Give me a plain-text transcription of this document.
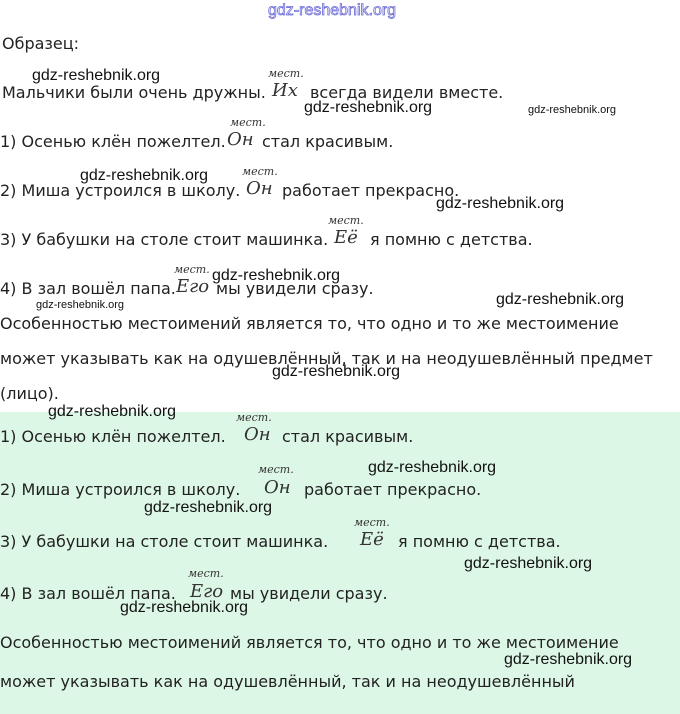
gdz-reshebnik.org
Образец:
gdz-reshebnik.org	мест.
Мальчики были очень дружны. Их всегда видели вместе.
gdz-reshebnik.org	gdz-reshebnik.org
мест.
1) Осенью клён пожелтел. Он стал красивым.
gdz-reshebnik.org	мест.
2) Миша устроился в школу. Он работает прекрасно.
gdz-reshebnik.org
мест.
3) У бабушки на столе стоит машинка. Её я помню с детства.
мест. gdz-reshebnik.org
4) В зал вошёл папа. Его мы увидели сразу.
gdz-reshebnik.org
gdz-reshebnik.org
Особенностью местоимений является то, что одно и то же местоимение
может указывать как на одушевлённый, так и на неодушевлённый предмет
gdz-reshebnik.org
(лицо).
gdz-reshebnik.org	мест.
1) Осенью клён пожелтел. Он стал красивым.
мест.	gdz-reshebnik.org
2) Миша устроился в школу. Он работает прекрасно.
gdz-reshebnik.org
мест.
3) У бабушки на столе стоит машинка. Её я помню с детства.
gdz-reshebnik.org
мест.
4) В зал вошёл папа. Его мы увидели сразу.
gdz-reshebnik.org
Особенностью местоимений является то, что одно и то же местоимение
gdz-reshebnik.org
может указывать как на одушевлённый, так и на неодушевлённый
